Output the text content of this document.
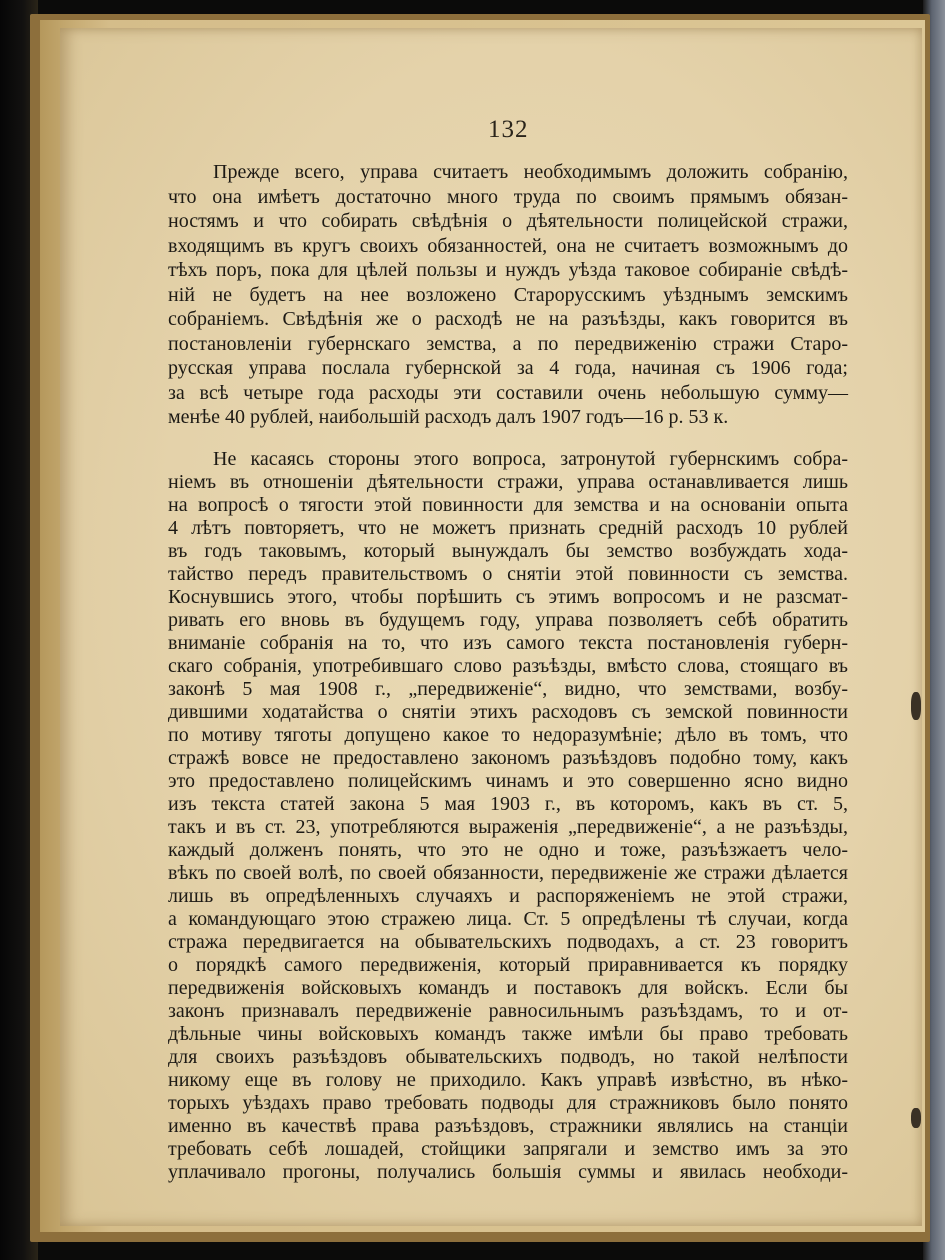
132
Прежде всего, управа считаетъ необходимымъ доложить собранію,
что она имѣетъ достаточно много труда по своимъ прямымъ обязан-
ностямъ и что собирать свѣдѣнія о дѣятельности полицейской стражи,
входящимъ въ кругъ своихъ обязанностей, она не считаетъ возможнымъ до
тѣхъ поръ, пока для цѣлей пользы и нуждъ уѣзда таковое собираніе свѣдѣ-
ній не будетъ на нее возложено Старорусскимъ уѣзднымъ земскимъ
собраніемъ. Свѣдѣнія же о расходѣ не на разъѣзды, какъ говорится въ
постановленіи губернскаго земства, а по передвиженію стражи Старо-
русская управа послала губернской за 4 года, начиная съ 1906 года;
за всѣ четыре года расходы эти составили очень небольшую сумму—
менѣе 40 рублей, наибольшій расходъ далъ 1907 годъ—16 р. 53 к.
Не касаясь стороны этого вопроса, затронутой губернскимъ собра-
ніемъ въ отношеніи дѣятельности стражи, управа останавливается лишь
на вопросѣ о тягости этой повинности для земства и на основаніи опыта
4 лѣтъ повторяетъ, что не можетъ признать средній расходъ 10 рублей
въ годъ таковымъ, который вынуждалъ бы земство возбуждать хода-
тайство передъ правительствомъ о снятіи этой повинности съ земства.
Коснувшись этого, чтобы порѣшить съ этимъ вопросомъ и не разсмат-
ривать его вновь въ будущемъ году, управа позволяетъ себѣ обратить
вниманіе собранія на то, что изъ самого текста постановленія губерн-
скаго собранія, употребившаго слово разъѣзды, вмѣсто слова, стоящаго въ
законѣ 5 мая 1908 г., „передвиженіе“, видно, что земствами, возбу-
дившими ходатайства о снятіи этихъ расходовъ съ земской повинности
по мотиву тяготы допущено какое то недоразумѣніе; дѣло въ томъ, что
стражѣ вовсе не предоставлено закономъ разъѣздовъ подобно тому, какъ
это предоставлено полицейскимъ чинамъ и это совершенно ясно видно
изъ текста статей закона 5 мая 1903 г., въ которомъ, какъ въ ст. 5,
такъ и въ ст. 23, употребляются выраженія „передвиженіе“, а не разъѣзды,
каждый долженъ понять, что это не одно и тоже, разъѣзжаетъ чело-
вѣкъ по своей волѣ, по своей обязанности, передвиженіе же стражи дѣлается
лишь въ опредѣленныхъ случаяхъ и распоряженіемъ не этой стражи,
а командующаго этою стражею лица. Ст. 5 опредѣлены тѣ случаи, когда
стража передвигается на обывательскихъ подводахъ, а ст. 23 говоритъ
о порядкѣ самого передвиженія, который приравнивается къ порядку
передвиженія войсковыхъ командъ и поставокъ для войскъ. Если бы
законъ признавалъ передвиженіе равносильнымъ разъѣздамъ, то и от-
дѣльные чины войсковыхъ командъ также имѣли бы право требовать
для своихъ разъѣздовъ обывательскихъ подводъ, но такой нелѣпости
никому еще въ голову не приходило. Какъ управѣ извѣстно, въ нѣко-
торыхъ уѣздахъ право требовать подводы для стражниковъ было понято
именно въ качествѣ права разъѣздовъ, стражники являлись на станціи
требовать себѣ лошадей, стойщики запрягали и земство имъ за это
уплачивало прогоны, получались большія суммы и явилась необходи-
